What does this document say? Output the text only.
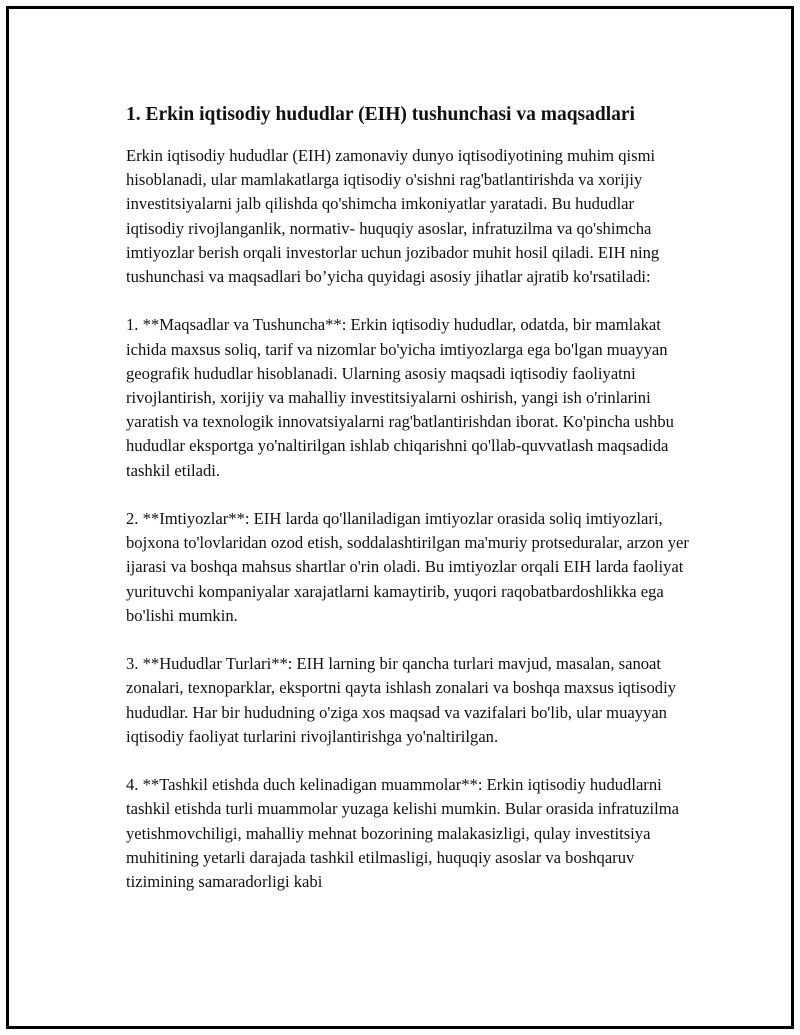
1. Erkin iqtisodiy hududlar (EIH) tushunchasi va maqsadlari

Erkin iqtisodiy hududlar (EIH) zamonaviy dunyo iqtisodiyotining muhim qismi hisoblanadi, ular mamlakatlarga iqtisodiy o'sishni rag'batlantirishda va xorijiy investitsiyalarni jalb qilishda qo'shimcha imkoniyatlar yaratadi. Bu hududlar iqtisodiy rivojlanganlik, normativ- huquqiy asoslar, infratuzilma va qo'shimcha imtiyozlar berish orqali investorlar uchun jozibador muhit hosil qiladi. EIH ning tushunchasi va maqsadlari bo’yicha quyidagi asosiy jihatlar ajratib ko'rsatiladi:

1. **Maqsadlar va Tushuncha**: Erkin iqtisodiy hududlar, odatda, bir mamlakat ichida maxsus soliq, tarif va nizomlar bo'yicha imtiyozlarga ega bo'lgan muayyan geografik hududlar hisoblanadi. Ularning asosiy maqsadi iqtisodiy faoliyatni rivojlantirish, xorijiy va mahalliy investitsiyalarni oshirish, yangi ish o'rinlarini yaratish va texnologik innovatsiyalarni rag'batlantirishdan iborat. Ko'pincha ushbu hududlar eksportga yo'naltirilgan ishlab chiqarishni qo'llab-quvvatlash maqsadida tashkil etiladi.

2. **Imtiyozlar**: EIH larda qo'llaniladigan imtiyozlar orasida soliq imtiyozlari, bojxona to'lovlaridan ozod etish, soddalashtirilgan ma'muriy protseduralar, arzon yer ijarasi va boshqa mahsus shartlar o'rin oladi. Bu imtiyozlar orqali EIH larda faoliyat yurituvchi kompaniyalar xarajatlarni kamaytirib, yuqori raqobatbardoshlikka ega bo'lishi mumkin.

3. **Hududlar Turlari**: EIH larning bir qancha turlari mavjud, masalan, sanoat zonalari, texnoparklar, eksportni qayta ishlash zonalari va boshqa maxsus iqtisodiy hududlar. Har bir hududning o'ziga xos maqsad va vazifalari bo'lib, ular muayyan iqtisodiy faoliyat turlarini rivojlantirishga yo'naltirilgan.

4. **Tashkil etishda duch kelinadigan muammolar**: Erkin iqtisodiy hududlarni tashkil etishda turli muammolar yuzaga kelishi mumkin. Bular orasida infratuzilma yetishmovchiligi, mahalliy mehnat bozorining malakasizligi, qulay investitsiya muhitining yetarli darajada tashkil etilmasligi, huquqiy asoslar va boshqaruv tizimining samaradorligi kabi
